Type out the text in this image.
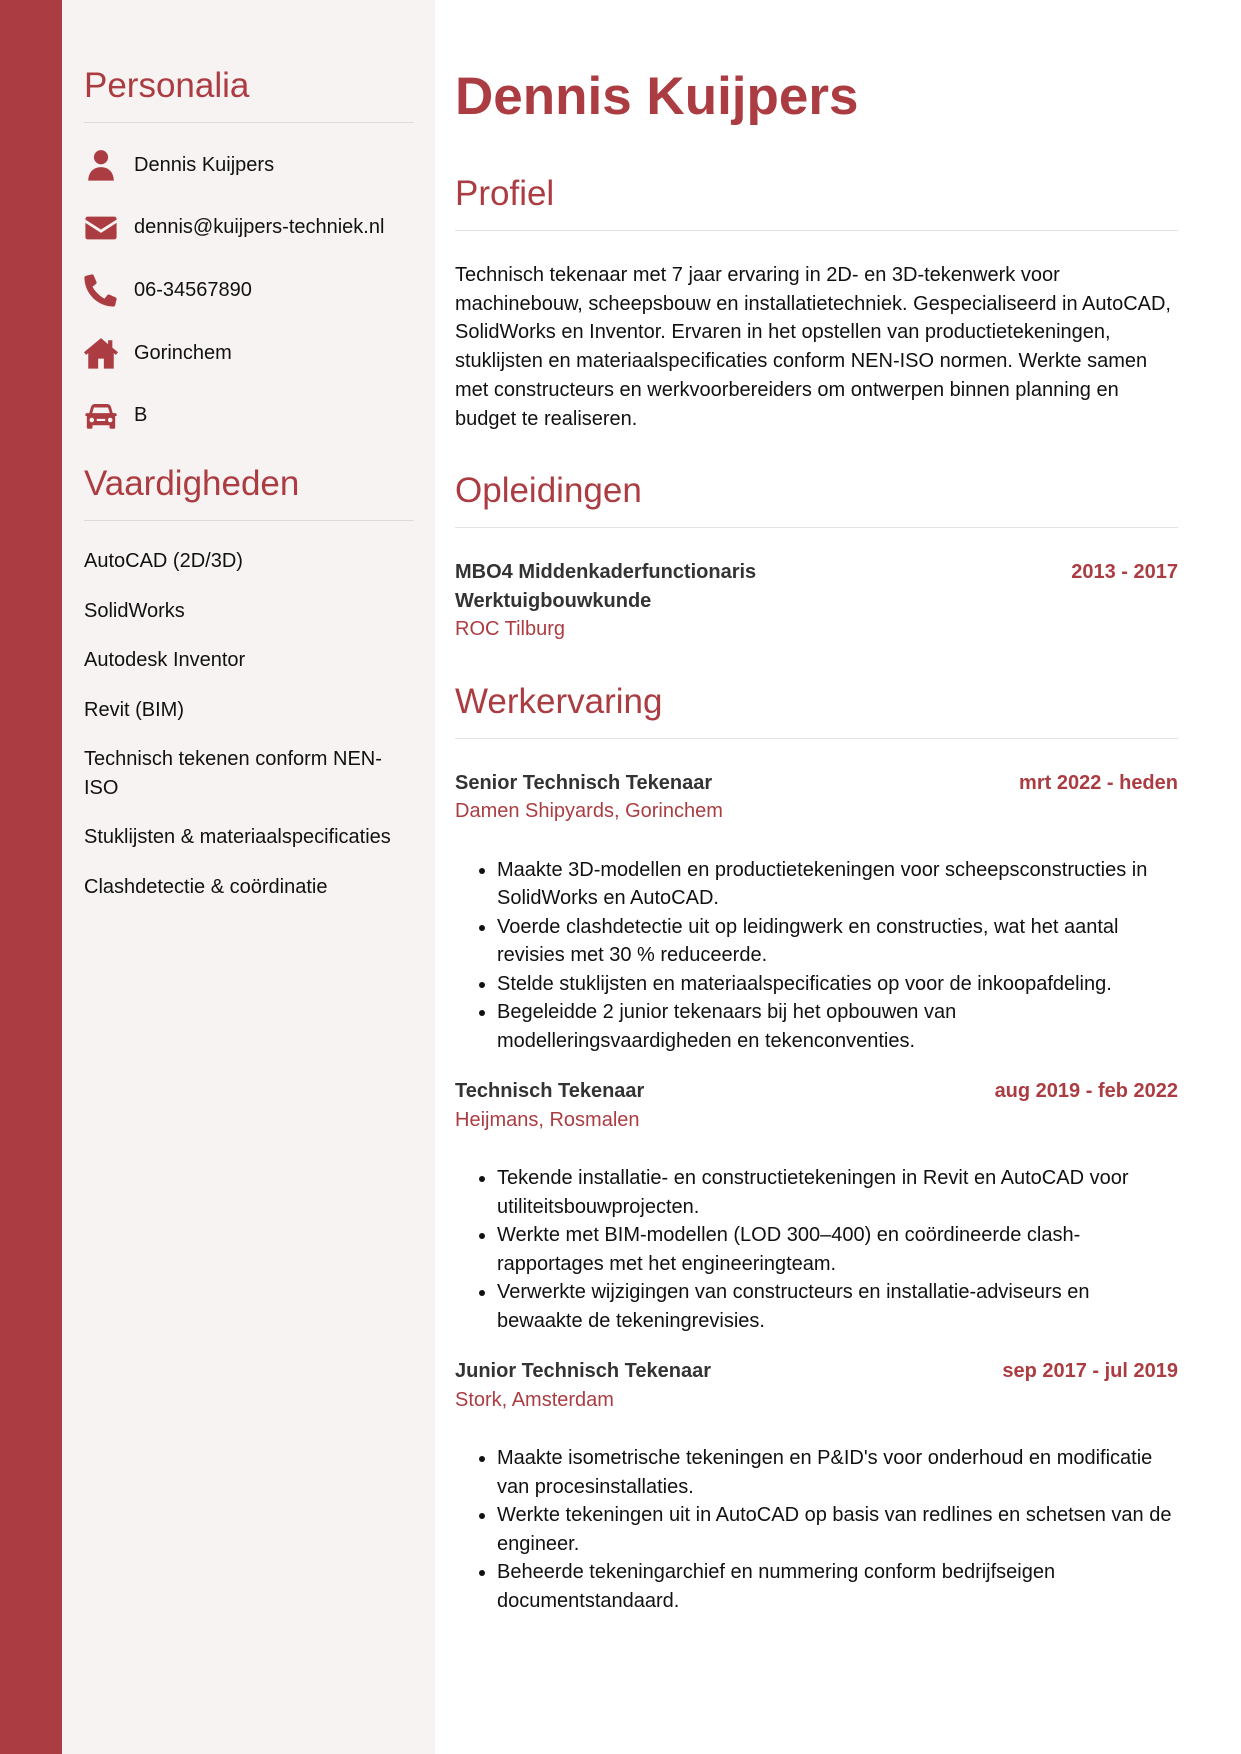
Personalia
Dennis Kuijpers
dennis@kuijpers-techniek.nl
06-34567890
Gorinchem
B
Vaardigheden
AutoCAD (2D/3D)
SolidWorks
Autodesk Inventor
Revit (BIM)
Technisch tekenen conform NEN-ISO
Stuklijsten & materiaalspecificaties
Clashdetectie & coördinatie
Dennis Kuijpers
Profiel

Technisch tekenaar met 7 jaar ervaring in 2D- en 3D-tekenwerk voor machinebouw, scheepsbouw en installatietechniek. Gespecialiseerd in AutoCAD, SolidWorks en Inventor. Ervaren in het opstellen van productietekeningen, stuklijsten en materiaalspecificaties conform NEN-ISO normen. Werkte samen met constructeurs en werkvoorbereiders om ontwerpen binnen planning en budget te realiseren.

Opleidingen
MBO4 Middenkaderfunctionaris Werktuigbouwkunde
2013 - 2017
ROC Tilburg
Werkervaring
Senior Technisch Tekenaar	mrt 2022 - heden
Damen Shipyards, Gorinchem
• Maakte 3D-modellen en productietekeningen voor scheepsconstructies in SolidWorks en AutoCAD.
• Voerde clashdetectie uit op leidingwerk en constructies, wat het aantal revisies met 30 % reduceerde.
• Stelde stuklijsten en materiaalspecificaties op voor de inkoopafdeling.
• Begeleidde 2 junior tekenaars bij het opbouwen van modelleringsvaardigheden en tekenconventies.
Technisch Tekenaar	aug 2019 - feb 2022
Heijmans, Rosmalen
• Tekende installatie- en constructietekeningen in Revit en AutoCAD voor utiliteitsbouwprojecten.
• Werkte met BIM-modellen (LOD 300–400) en coördineerde clash-rapportages met het engineeringteam.
• Verwerkte wijzigingen van constructeurs en installatie-adviseurs en bewaakte de tekeningrevisies.
Junior Technisch Tekenaar	sep 2017 - jul 2019
Stork, Amsterdam
• Maakte isometrische tekeningen en P&ID's voor onderhoud en modificatie van procesinstallaties.
• Werkte tekeningen uit in AutoCAD op basis van redlines en schetsen van de engineer.
• Beheerde tekeningarchief en nummering conform bedrijfseigen documentstandaard.
